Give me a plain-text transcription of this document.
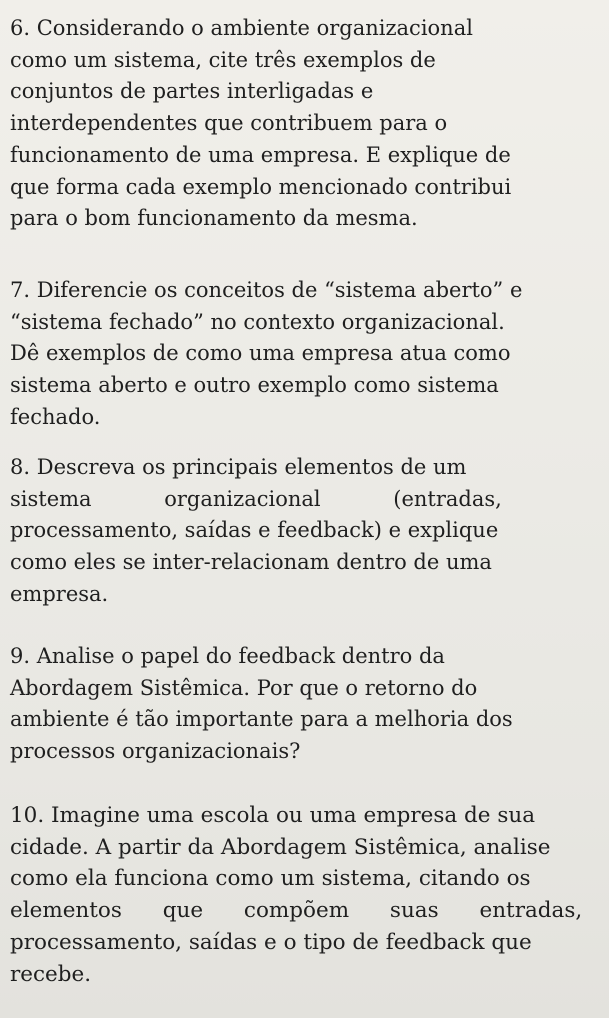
6. Considerando o ambiente organizacional
como um sistema, cite três exemplos de
conjuntos de partes interligadas e
interdependentes que contribuem para o
funcionamento de uma empresa. E explique de
que forma cada exemplo mencionado contribui
para o bom funcionamento da mesma.
7. Diferencie os conceitos de “sistema aberto” e
“sistema fechado” no contexto organizacional.
Dê exemplos de como uma empresa atua como
sistema aberto e outro exemplo como sistema
fechado.
8. Descreva os principais elementos de um
sistema organizacional (entradas,
processamento, saídas e feedback) e explique
como eles se inter-relacionam dentro de uma
empresa.
9. Analise o papel do feedback dentro da
Abordagem Sistêmica. Por que o retorno do
ambiente é tão importante para a melhoria dos
processos organizacionais?
10. Imagine uma escola ou uma empresa de sua
cidade. A partir da Abordagem Sistêmica, analise
como ela funciona como um sistema, citando os
elementos que compõem suas entradas,
processamento, saídas e o tipo de feedback que
recebe.
